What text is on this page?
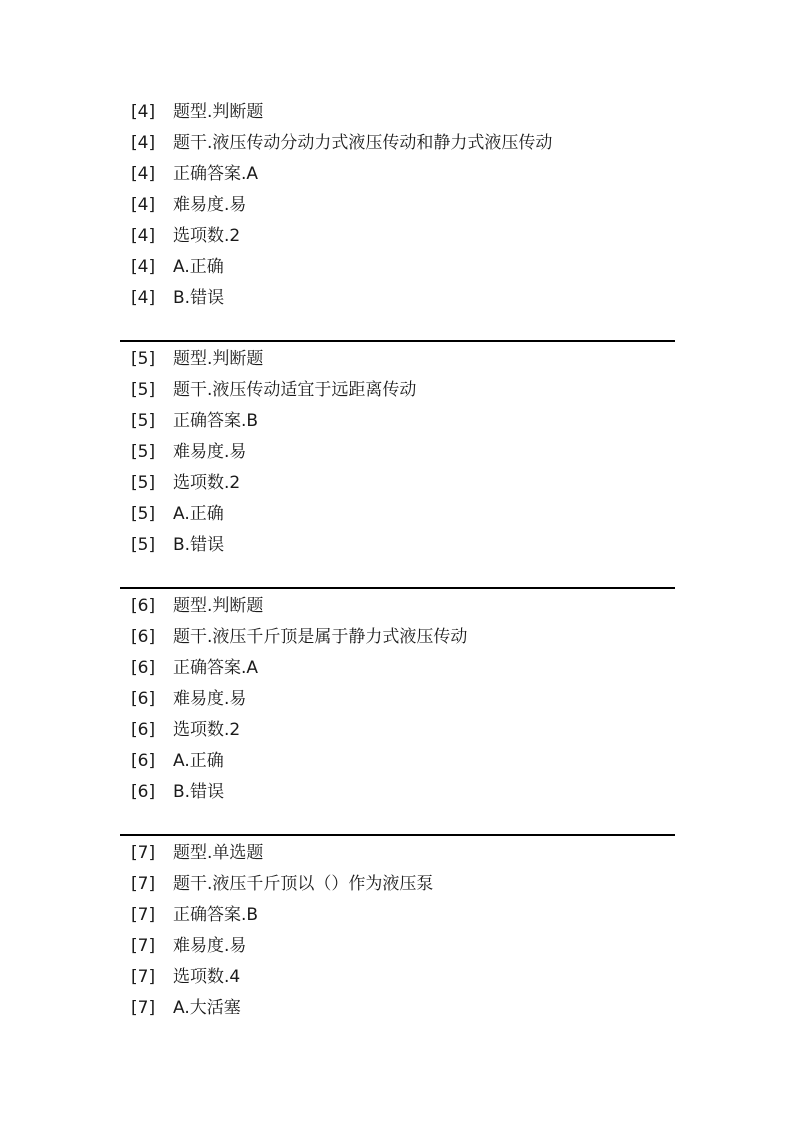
[4]	题型.判断题
[4]	题干.液压传动分动力式液压传动和静力式液压传动
[4]	正确答案.A
[4]	难易度.易
[4]	选项数.2
[4]	A.正确
[4]	B.错误
[5]	题型.判断题
[5]	题干.液压传动适宜于远距离传动
[5]	正确答案.B
[5]	难易度.易
[5]	选项数.2
[5]	A.正确
[5]	B.错误
[6]	题型.判断题
[6]	题干.液压千斤顶是属于静力式液压传动
[6]	正确答案.A
[6]	难易度.易
[6]	选项数.2
[6]	A.正确
[6]	B.错误
[7]	题型.单选题
[7]	题干.液压千斤顶以（）作为液压泵
[7]	正确答案.B
[7]	难易度.易
[7]	选项数.4
[7]	A.大活塞
